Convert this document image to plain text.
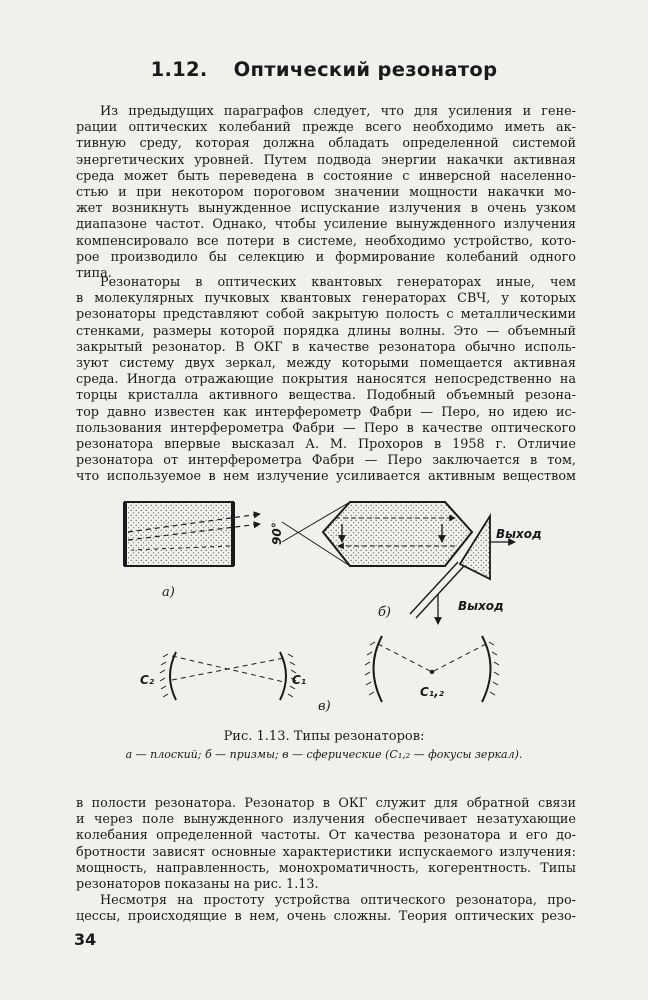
1.12. Оптический резонатор
Из предыдущих параграфов следует, что для усиления и гене-
рации оптических колебаний прежде всего необходимо иметь ак-
тивную среду, которая должна обладать определенной системой
энергетических уровней. Путем подвода энергии накачки активная
среда может быть переведена в состояние с инверсной населенно-
стью и при некотором пороговом значении мощности накачки мо-
жет возникнуть вынужденное испускание излучения в очень узком
диапазоне частот. Однако, чтобы усиление вынужденного излучения
компенсировало все потери в системе, необходимо устройство, кото-
рое производило бы селекцию и формирование колебаний одного
типа.
Резонаторы в оптических квантовых генераторах иные, чем
в молекулярных пучковых квантовых генераторах СВЧ, у которых
резонаторы представляют собой закрытую полость с металлическими
стенками, размеры которой порядка длины волны. Это — объемный
закрытый резонатор. В ОКГ в качестве резонатора обычно исполь-
зуют систему двух зеркал, между которыми помещается активная
среда. Иногда отражающие покрытия наносятся непосредственно на
торцы кристалла активного вещества. Подобный объемный резона-
тор давно известен как интерферометр Фабри — Перо, но идею ис-
пользования интерферометра Фабри — Перо в качестве оптического
резонатора впервые высказал А. М. Прохоров в 1958 г. Отличие
резонатора от интерферометра Фабри — Перо заключается в том,
что используемое в нем излучение усиливается активным веществом
а)
90°	Выход
Выход
б)
C₂	C₁
C₁,₂
в)
Рис. 1.13. Типы резонаторов:
а — плоский; б — призмы; в — сферические (C₁,₂ — фокусы зеркал).
в полости резонатора. Резонатор в ОКГ служит для обратной связи
и через поле вынужденного излучения обеспечивает незатухающие
колебания определенной частоты. От качества резонатора и его до-
бротности зависят основные характеристики испускаемого излучения:
мощность, направленность, монохроматичность, когерентность. Типы
резонаторов показаны на рис. 1.13.
Несмотря на простоту устройства оптического резонатора, про-
цессы, происходящие в нем, очень сложны. Теория оптических резо-
34
